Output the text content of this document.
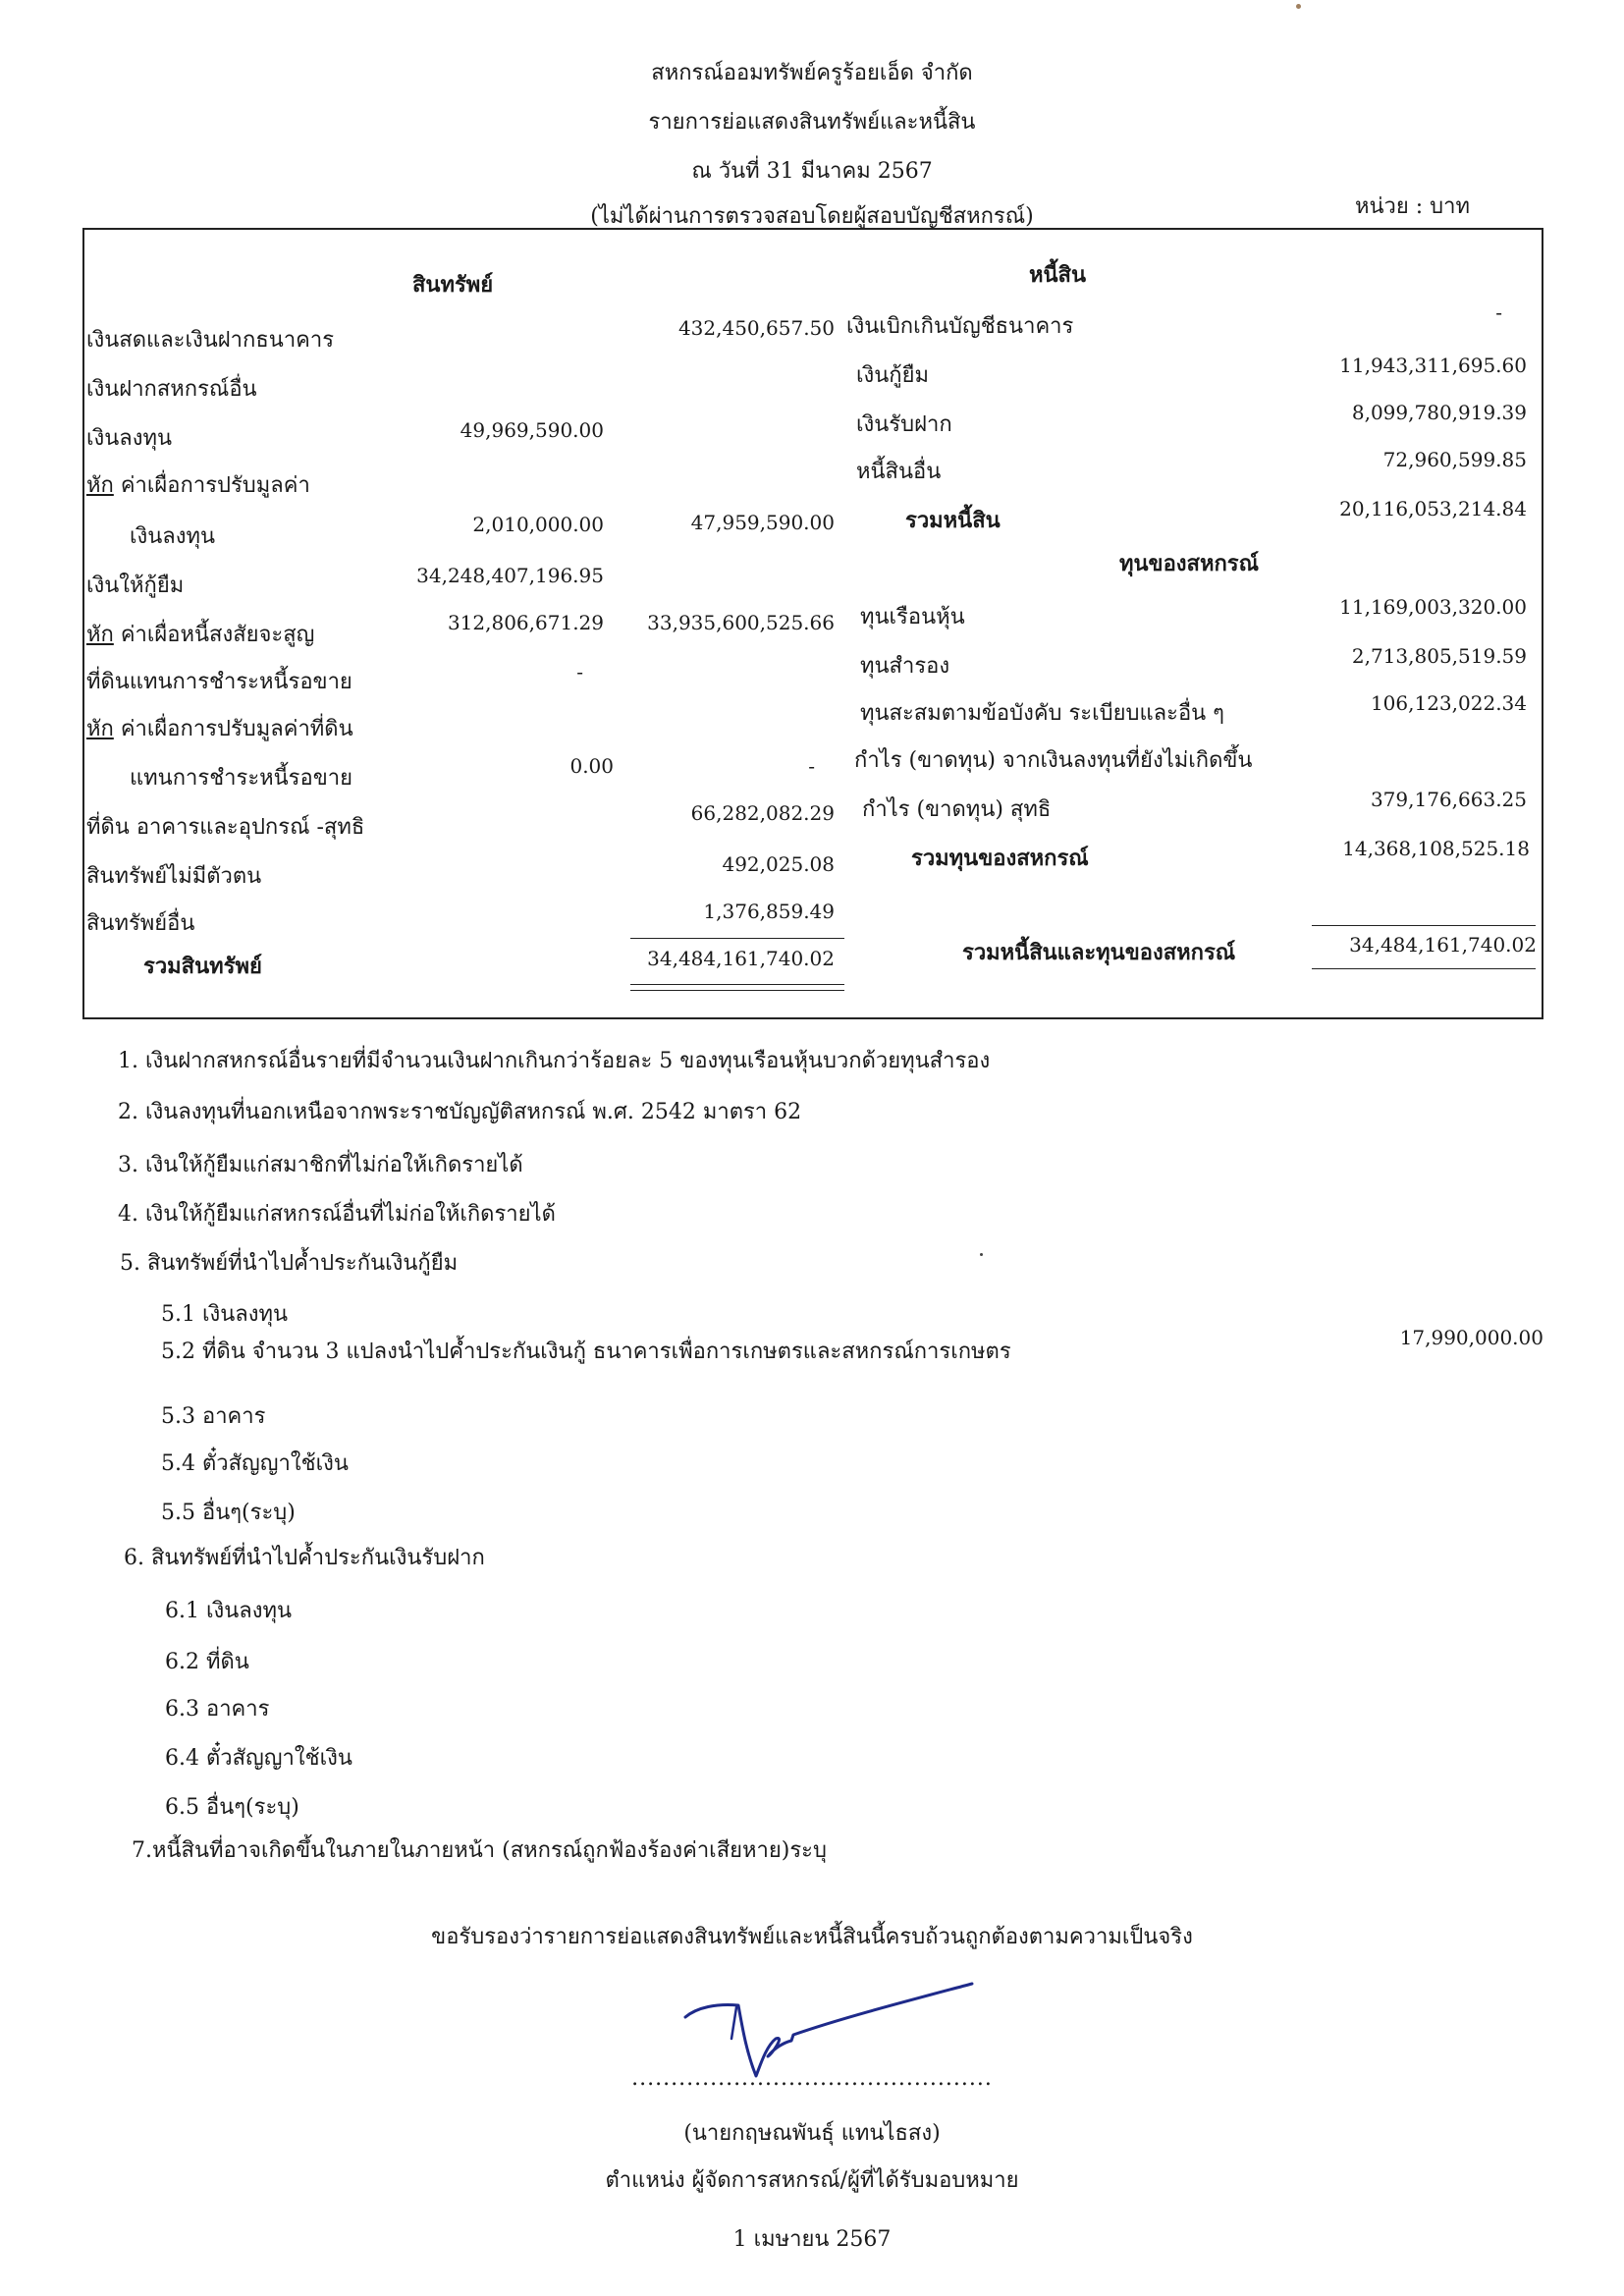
สหกรณ์ออมทรัพย์ครูร้อยเอ็ด จำกัด
รายการย่อแสดงสินทรัพย์และหนี้สิน
ณ วันที่ 31 มีนาคม 2567
(ไม่ได้ผ่านการตรวจสอบโดยผู้สอบบัญชีสหกรณ์)	หน่วย : บาท
สินทรัพย์	หนี้สิน
เงินสดและเงินฝากธนาคาร
เงินฝากสหกรณ์อื่น
เงินลงทุน
หัก ค่าเผื่อการปรับมูลค่า
เงินลงทุน
เงินให้กู้ยืม
หัก ค่าเผื่อหนี้สงสัยจะสูญ
ที่ดินแทนการชำระหนี้รอขาย
หัก ค่าเผื่อการปรับมูลค่าที่ดิน
แทนการชำระหนี้รอขาย
ที่ดิน อาคารและอุปกรณ์ -สุทธิ
สินทรัพย์ไม่มีตัวตน
สินทรัพย์อื่น
รวมสินทรัพย์
49,969,590.00
2,010,000.00
34,248,407,196.95
312,806,671.29
-
0.00
432,450,657.50
47,959,590.00
33,935,600,525.66
-
66,282,082.29
492,025.08
1,376,859.49
34,484,161,740.02
เงินเบิกเกินบัญชีธนาคาร
เงินกู้ยืม
เงินรับฝาก
หนี้สินอื่น
รวมหนี้สิน
ทุนของสหกรณ์
ทุนเรือนหุ้น
ทุนสำรอง
ทุนสะสมตามข้อบังคับ ระเบียบและอื่น ๆ
กำไร (ขาดทุน) จากเงินลงทุนที่ยังไม่เกิดขึ้น
กำไร (ขาดทุน) สุทธิ
รวมทุนของสหกรณ์
รวมหนี้สินและทุนของสหกรณ์
-
11,943,311,695.60
8,099,780,919.39
72,960,599.85
20,116,053,214.84
11,169,003,320.00
2,713,805,519.59
106,123,022.34
379,176,663.25
14,368,108,525.18
34,484,161,740.02
1. เงินฝากสหกรณ์อื่นรายที่มีจำนวนเงินฝากเกินกว่าร้อยละ 5 ของทุนเรือนหุ้นบวกด้วยทุนสำรอง
2. เงินลงทุนที่นอกเหนือจากพระราชบัญญัติสหกรณ์ พ.ศ. 2542 มาตรา 62
3. เงินให้กู้ยืมแก่สมาชิกที่ไม่ก่อให้เกิดรายได้
4. เงินให้กู้ยืมแก่สหกรณ์อื่นที่ไม่ก่อให้เกิดรายได้
5. สินทรัพย์ที่นำไปค้ำประกันเงินกู้ยืม
5.1 เงินลงทุน
5.2 ที่ดิน จำนวน 3 แปลงนำไปค้ำประกันเงินกู้ ธนาคารเพื่อการเกษตรและสหกรณ์การเกษตร
17,990,000.00
5.3 อาคาร
5.4 ตั๋วสัญญาใช้เงิน
5.5 อื่นๆ(ระบุ)
6. สินทรัพย์ที่นำไปค้ำประกันเงินรับฝาก
6.1 เงินลงทุน
6.2 ที่ดิน
6.3 อาคาร
6.4 ตั๋วสัญญาใช้เงิน
6.5 อื่นๆ(ระบุ)
7.หนี้สินที่อาจเกิดขึ้นในภายในภายหน้า (สหกรณ์ถูกฟ้องร้องค่าเสียหาย)ระบุ
ขอรับรองว่ารายการย่อแสดงสินทรัพย์และหนี้สินนี้ครบถ้วนถูกต้องตามความเป็นจริง
..............................................
(นายกฤษณพันธุ์ แทนไธสง)
ตำแหน่ง ผู้จัดการสหกรณ์/ผู้ที่ได้รับมอบหมาย
1 เมษายน 2567
